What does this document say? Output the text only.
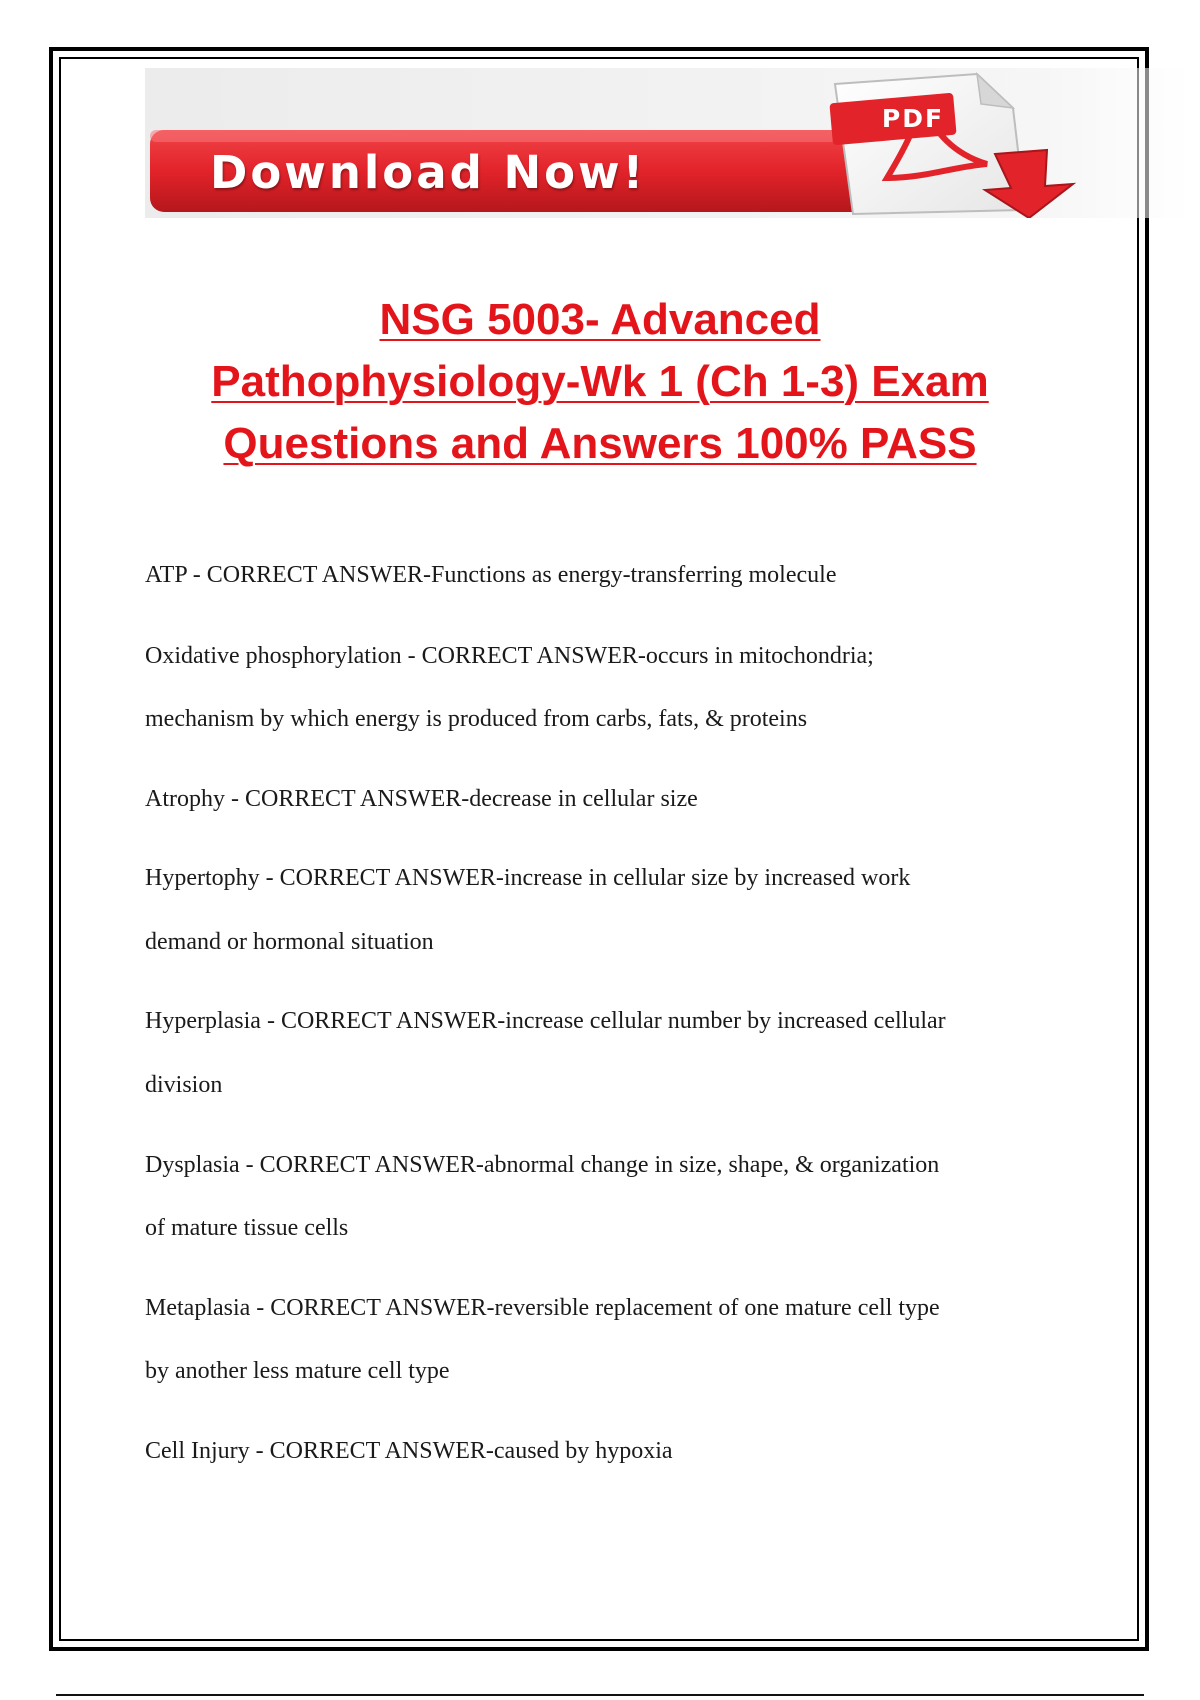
Download Now!
PDF
NSG 5003- Advanced
Pathophysiology-Wk 1 (Ch 1-3) Exam
Questions and Answers 100% PASS
ATP - CORRECT ANSWER-Functions as energy-transferring molecule
Oxidative phosphorylation - CORRECT ANSWER-occurs in mitochondria;
mechanism by which energy is produced from carbs, fats, & proteins
Atrophy - CORRECT ANSWER-decrease in cellular size
Hypertophy - CORRECT ANSWER-increase in cellular size by increased work
demand or hormonal situation
Hyperplasia - CORRECT ANSWER-increase cellular number by increased cellular
division
Dysplasia - CORRECT ANSWER-abnormal change in size, shape, & organization
of mature tissue cells
Metaplasia - CORRECT ANSWER-reversible replacement of one mature cell type
by another less mature cell type
Cell Injury - CORRECT ANSWER-caused by hypoxia
